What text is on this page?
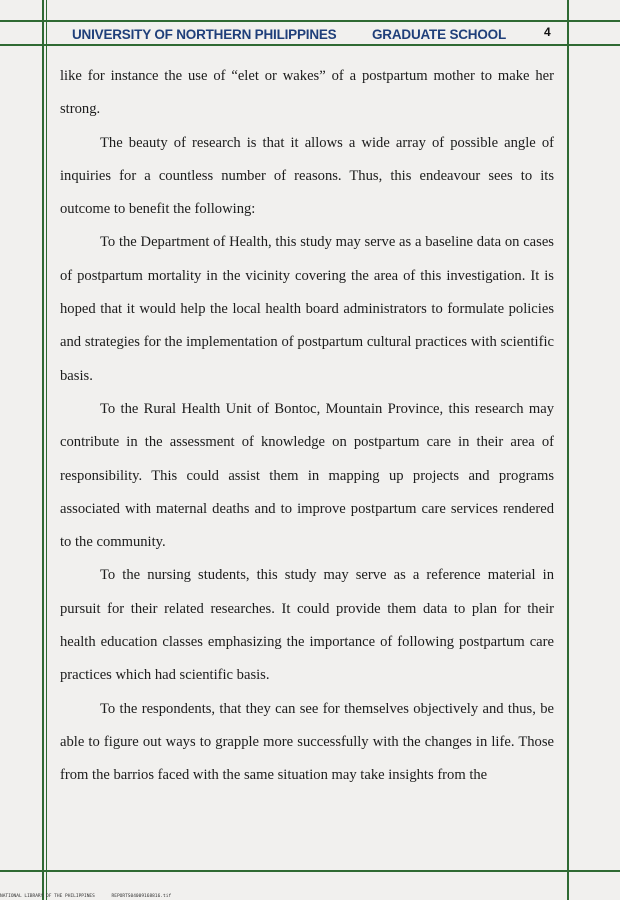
UNIVERSITY OF NORTHERN PHILIPPINES	GRADUATE SCHOOL	4

like for instance the use of “elet or wakes” of a postpartum mother to make her strong.

The beauty of research is that it allows a wide array of possible angle of inquiries for a countless number of reasons. Thus, this endeavour sees to its outcome to benefit the following:

To the Department of Health, this study may serve as a baseline data on cases of postpartum mortality in the vicinity covering the area of this investigation. It is hoped that it would help the local health board administrators to formulate policies and strategies for the implementation of postpartum cultural practices with scientific basis.

To the Rural Health Unit of Bontoc, Mountain Province, this research may contribute in the assessment of knowledge on postpartum care in their area of responsibility. This could assist them in mapping up projects and programs associated with maternal deaths and to improve postpartum care services rendered to the community.

To the nursing students, this study may serve as a reference material in pursuit for their related researches. It could provide them data to plan for their health education classes emphasizing the importance of following postpartum care practices which had scientific basis.

To the respondents, that they can see for themselves objectively and thus, be able to figure out ways to grapple more successfully with the changes in life. Those from the barrios faced with the same situation may take insights from the

NATIONAL LIBRARY OF THE PHILIPPINES	REPORTS04009168816.tif
